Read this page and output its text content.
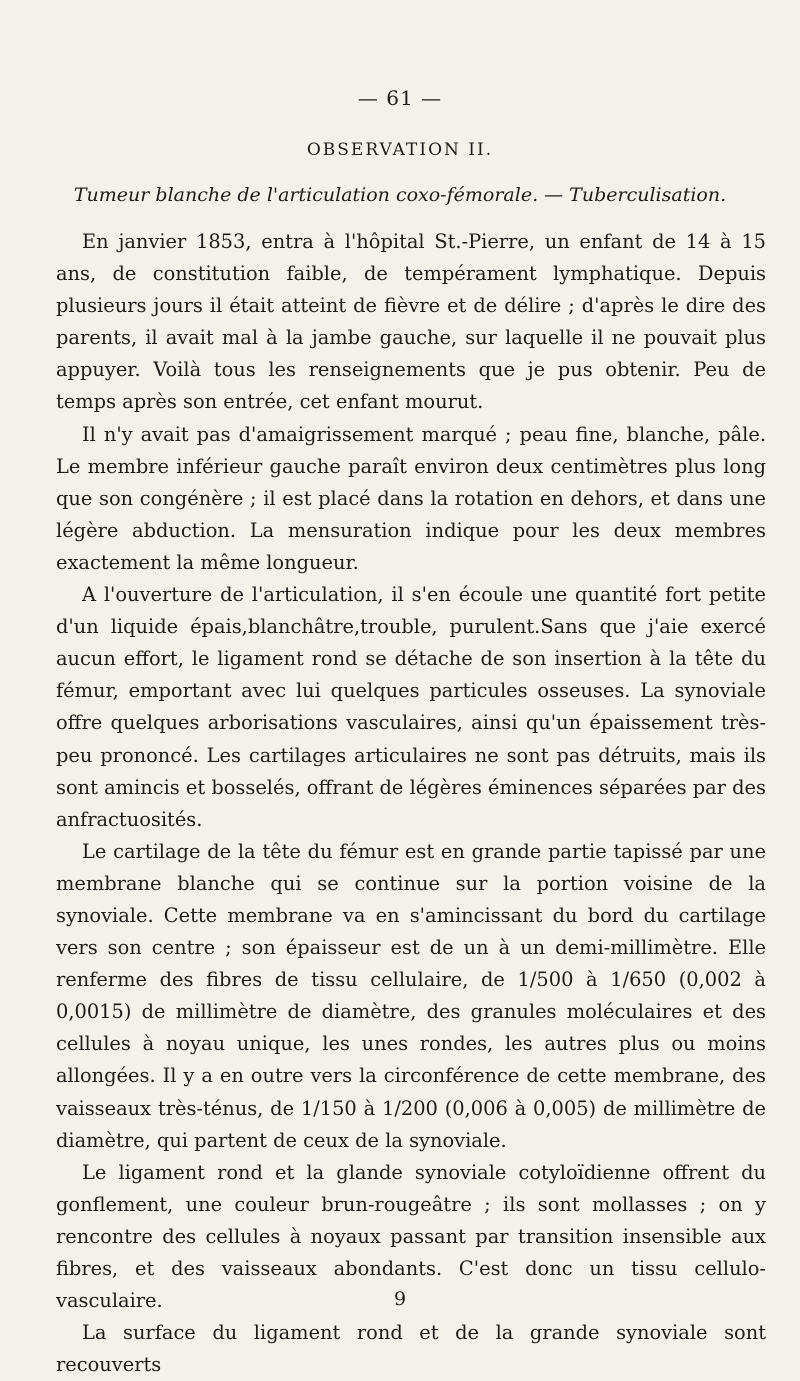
— 61 —
OBSERVATION II.
Tumeur blanche de l'articulation coxo-fémorale. — Tuberculisation.

En janvier 1853, entra à l'hôpital St.-Pierre, un enfant de 14 à 15 ans, de constitution faible, de tempérament lymphatique. Depuis plusieurs jours il était atteint de fièvre et de délire ; d'après le dire des parents, il avait mal à la jambe gauche, sur laquelle il ne pouvait plus appuyer. Voilà tous les renseignements que je pus obtenir. Peu de temps après son entrée, cet enfant mourut.

Il n'y avait pas d'amaigrissement marqué ; peau fine, blanche, pâle. Le membre inférieur gauche paraît environ deux centimètres plus long que son congénère ; il est placé dans la rotation en dehors, et dans une légère abduction. La mensuration indique pour les deux membres exactement la même longueur.

A l'ouverture de l'articulation, il s'en écoule une quantité fort petite d'un liquide épais,blanchâtre,trouble, purulent.Sans que j'aie exercé aucun effort, le ligament rond se détache de son insertion à la tête du fémur, emportant avec lui quelques particules osseuses. La synoviale offre quelques arborisations vasculaires, ainsi qu'un épaissement très-peu prononcé. Les cartilages articulaires ne sont pas détruits, mais ils sont amincis et bosselés, offrant de légères éminences séparées par des anfractuosités.

Le cartilage de la tête du fémur est en grande partie tapissé par une membrane blanche qui se continue sur la portion voisine de la synoviale. Cette membrane va en s'amincissant du bord du cartilage vers son centre ; son épaisseur est de un à un demi-millimètre. Elle renferme des fibres de tissu cellulaire, de 1/500 à 1/650 (0,002 à 0,0015) de millimètre de diamètre, des granules moléculaires et des cellules à noyau unique, les unes rondes, les autres plus ou moins allongées. Il y a en outre vers la circonférence de cette membrane, des vaisseaux très-ténus, de 1/150 à 1/200 (0,006 à 0,005) de millimètre de diamètre, qui partent de ceux de la synoviale.

Le ligament rond et la glande synoviale cotyloïdienne offrent du gonflement, une couleur brun-rougeâtre ; ils sont mollasses ; on y rencontre des cellules à noyaux passant par transition insensible aux fibres, et des vaisseaux abondants. C'est donc un tissu cellulo-vasculaire.

La surface du ligament rond et de la grande synoviale sont recouverts

9
